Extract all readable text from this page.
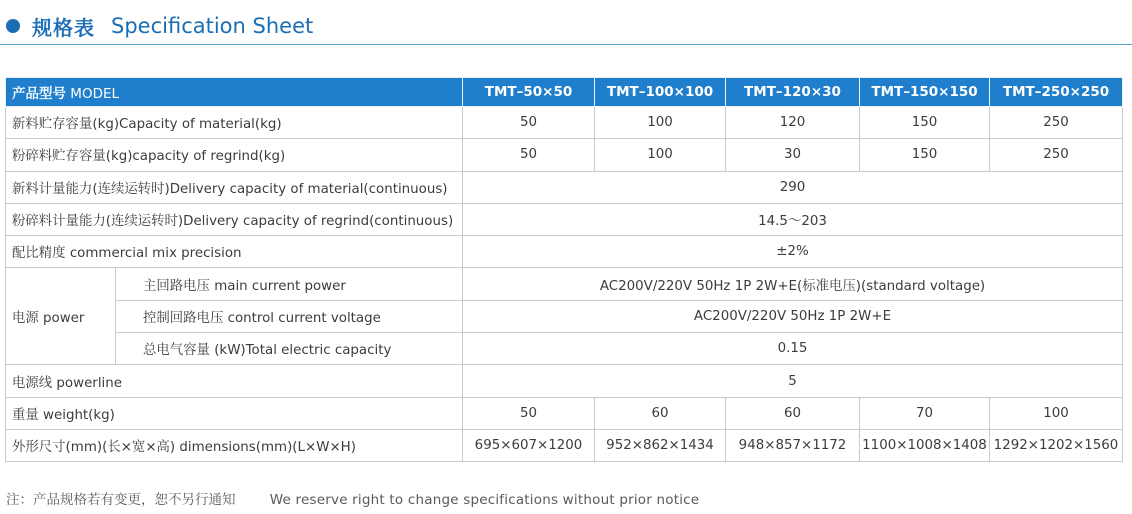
规格表 Specification Sheet
产品型号 MODEL		TMT–50×50	TMT–100×100	TMT–120×30	TMT–150×150	TMT–250×250
新料贮存容量(kg)Capacity of material(kg)		50	100	120	150	250
粉碎料贮存容量(kg)capacity of regrind(kg)		50	100	30	150	250
新料计量能力(连续运转时)Delivery capacity of material(continuous)		290				
粉碎料计量能力(连续运转时)Delivery capacity of regrind(continuous)		14.5～203				
配比精度 commercial mix precision		±2%				
电源 power	主回路电压 main current power	AC200V/220V 50Hz 1P 2W+E(标准电压)(standard voltage)				
	控制回路电压 control current voltage	AC200V/220V 50Hz 1P 2W+E				
	总电气容量 (kW)Total electric capacity	0.15				
电源线 powerline		5				
重量 weight(kg)		50	60	60	70	100
外形尺寸(mm)(长×宽×高) dimensions(mm)(L×W×H)		695×607×1200	952×862×1434	948×857×1172	1100×1008×1408	1292×1202×1560
注：产品规格若有变更，恕不另行通知	We reserve right to change specifications without prior notice
